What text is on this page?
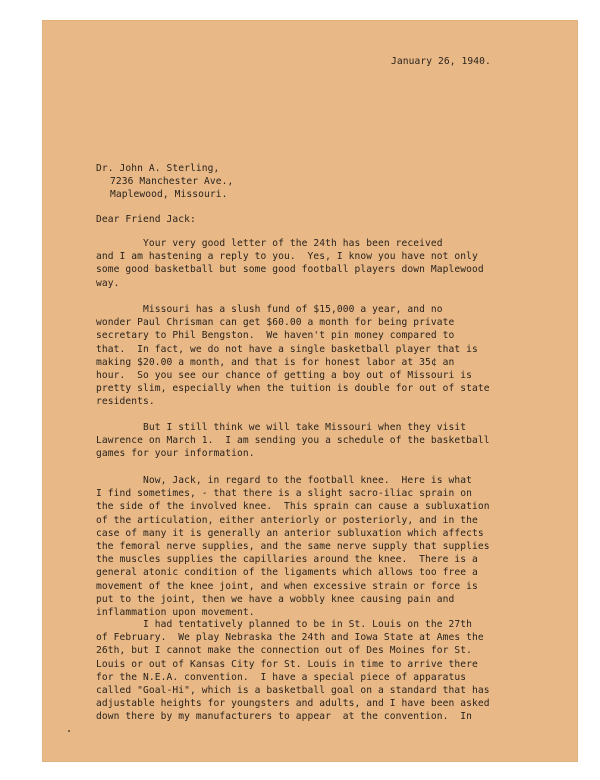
January 26, 1940.
Dr. John A. Sterling,
7236 Manchester Ave.,
Maplewood, Missouri.
Dear Friend Jack:
Your very good letter of the 24th has been received
and I am hastening a reply to you.  Yes, I know you have not only
some good basketball but some good football players down Maplewood
way.
Missouri has a slush fund of $15,000 a year, and no
wonder Paul Chrisman can get $60.00 a month for being private
secretary to Phil Bengston.  We haven't pin money compared to
that.  In fact, we do not have a single basketball player that is
making $20.00 a month, and that is for honest labor at 35¢ an
hour.  So you see our chance of getting a boy out of Missouri is
pretty slim, especially when the tuition is double for out of state
residents.
But I still think we will take Missouri when they visit
Lawrence on March 1.  I am sending you a schedule of the basketball
games for your information.
Now, Jack, in regard to the football knee.  Here is what
I find sometimes, - that there is a slight sacro-iliac sprain on
the side of the involved knee.  This sprain can cause a subluxation
of the articulation, either anteriorly or posteriorly, and in the
case of many it is generally an anterior subluxation which affects
the femoral nerve supplies, and the same nerve supply that supplies
the muscles supplies the capillaries around the knee.  There is a
general atonic condition of the ligaments which allows too free a
movement of the knee joint, and when excessive strain or force is
put to the joint, then we have a wobbly knee causing pain and
inflammation upon movement.
I had tentatively planned to be in St. Louis on the 27th
of February.  We play Nebraska the 24th and Iowa State at Ames the
26th, but I cannot make the connection out of Des Moines for St.
Louis or out of Kansas City for St. Louis in time to arrive there
for the N.E.A. convention.  I have a special piece of apparatus
called "Goal-Hi", which is a basketball goal on a standard that has
adjustable heights for youngsters and adults, and I have been asked
down there by my manufacturers to appear  at the convention.  In
